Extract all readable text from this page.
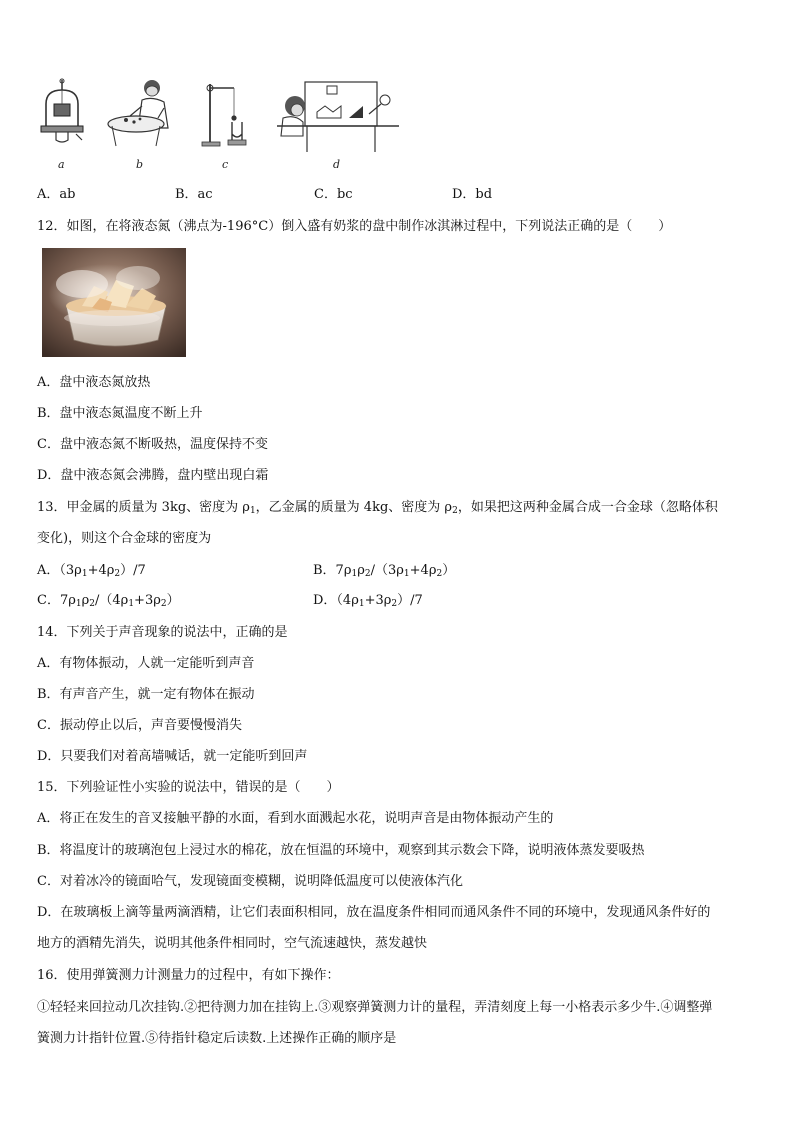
a	b	c	d
A．ab	B．ac	C．bc	D．bd
12．如图，在将液态氮（沸点为-196°C）倒入盛有奶浆的盘中制作冰淇淋过程中，下列说法正确的是（　　）
A．盘中液态氮放热
B．盘中液态氮温度不断上升
C．盘中液态氮不断吸热，温度保持不变
D．盘中液态氮会沸腾，盘内壁出现白霜
13．甲金属的质量为 3kg、密度为 $\rho_1$，乙金属的质量为 4kg、密度为 $\rho_2$，如果把这两种金属合成一合金球（忽略体积
变化)，则这个合金球的密度为
A．$(3\rho_1+4\rho_2)/7$	B．$7\rho_1\rho_2/(3\rho_1+4\rho_2)$
C．$7\rho_1\rho_2/(4\rho_1+3\rho_2)$	D．$(4\rho_1+3\rho_2)/7$
14．下列关于声音现象的说法中，正确的是
A．有物体振动，人就一定能听到声音
B．有声音产生，就一定有物体在振动
C．振动停止以后，声音要慢慢消失
D．只要我们对着高墙喊话，就一定能听到回声
15．下列验证性小实验的说法中，错误的是（　　）
A．将正在发生的音叉接触平静的水面，看到水面溅起水花，说明声音是由物体振动产生的
B．将温度计的玻璃泡包上浸过水的棉花，放在恒温的环境中，观察到其示数会下降，说明液体蒸发要吸热
C．对着冰冷的镜面哈气，发现镜面变模糊，说明降低温度可以使液体汽化
D．在玻璃板上滴等量两滴酒精，让它们表面积相同，放在温度条件相同而通风条件不同的环境中，发现通风条件好的
地方的酒精先消失，说明其他条件相同时，空气流速越快，蒸发越快
16．使用弹簧测力计测量力的过程中，有如下操作：
①轻轻来回拉动几次挂钩.②把待测力加在挂钩上.③观察弹簧测力计的量程，弄清刻度上每一小格表示多少牛.④调整弹
簧测力计指针位置.⑤待指针稳定后读数.上述操作正确的顺序是
